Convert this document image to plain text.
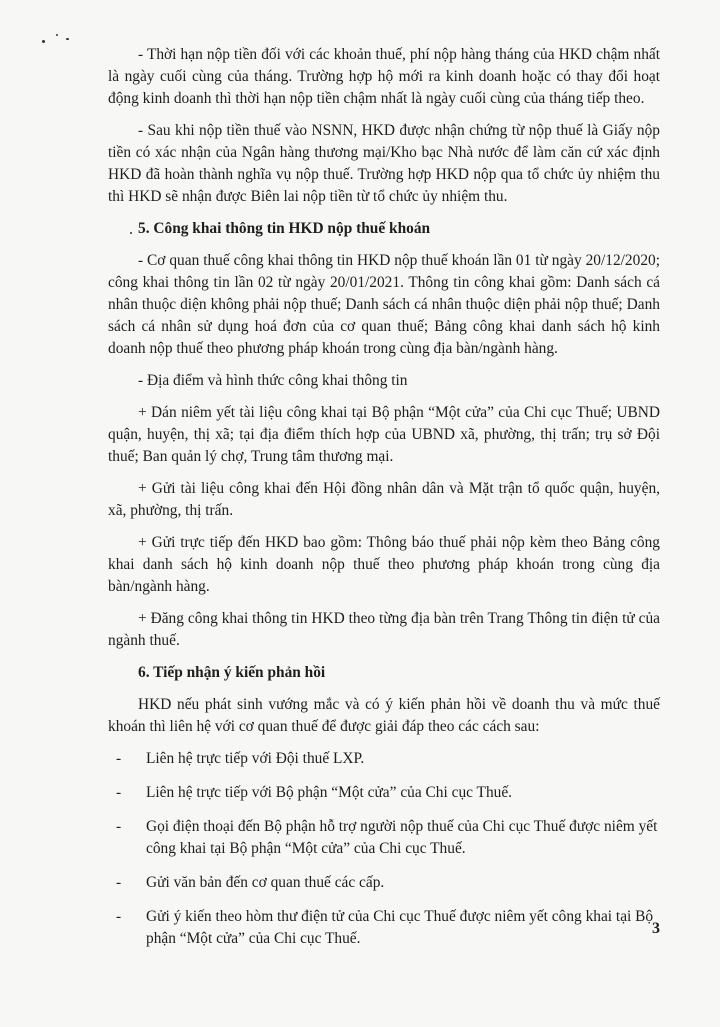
- Thời hạn nộp tiền đối với các khoản thuế, phí nộp hàng tháng của HKD chậm nhất là ngày cuối cùng của tháng. Trường hợp hộ mới ra kinh doanh hoặc có thay đổi hoạt động kinh doanh thì thời hạn nộp tiền chậm nhất là ngày cuối cùng của tháng tiếp theo.

- Sau khi nộp tiền thuế vào NSNN, HKD được nhận chứng từ nộp thuế là Giấy nộp tiền có xác nhận của Ngân hàng thương mại/Kho bạc Nhà nước để làm căn cứ xác định HKD đã hoàn thành nghĩa vụ nộp thuế. Trường hợp HKD nộp qua tổ chức ủy nhiệm thu thì HKD sẽ nhận được Biên lai nộp tiền từ tổ chức ủy nhiệm thu.

5. Công khai thông tin HKD nộp thuế khoán

- Cơ quan thuế công khai thông tin HKD nộp thuế khoán lần 01 từ ngày 20/12/2020; công khai thông tin lần 02 từ ngày 20/01/2021. Thông tin công khai gồm: Danh sách cá nhân thuộc diện không phải nộp thuế; Danh sách cá nhân thuộc diện phải nộp thuế; Danh sách cá nhân sử dụng hoá đơn của cơ quan thuế; Bảng công khai danh sách hộ kinh doanh nộp thuế theo phương pháp khoán trong cùng địa bàn/ngành hàng.

- Địa điểm và hình thức công khai thông tin

+ Dán niêm yết tài liệu công khai tại Bộ phận “Một cửa” của Chi cục Thuế; UBND quận, huyện, thị xã; tại địa điểm thích hợp của UBND xã, phường, thị trấn; trụ sở Đội thuế; Ban quản lý chợ, Trung tâm thương mại.

+ Gửi tài liệu công khai đến Hội đồng nhân dân và Mặt trận tổ quốc quận, huyện, xã, phường, thị trấn.

+ Gửi trực tiếp đến HKD bao gồm: Thông báo thuế phải nộp kèm theo Bảng công khai danh sách hộ kinh doanh nộp thuế theo phương pháp khoán trong cùng địa bàn/ngành hàng.

+ Đăng công khai thông tin HKD theo từng địa bàn trên Trang Thông tin điện tử của ngành thuế.

6. Tiếp nhận ý kiến phản hồi

HKD nếu phát sinh vướng mắc và có ý kiến phản hồi về doanh thu và mức thuế khoán thì liên hệ với cơ quan thuế để được giải đáp theo các cách sau:

- Liên hệ trực tiếp với Đội thuế LXP.
- Liên hệ trực tiếp với Bộ phận “Một cửa” của Chi cục Thuế.
- Gọi điện thoại đến Bộ phận hỗ trợ người nộp thuế của Chi cục Thuế được niêm yết công khai tại Bộ phận “Một cửa” của Chi cục Thuế.
- Gửi văn bản đến cơ quan thuế các cấp.
- Gửi ý kiến theo hòm thư điện tử của Chi cục Thuế được niêm yết công khai tại Bộ phận “Một cửa” của Chi cục Thuế.
3
